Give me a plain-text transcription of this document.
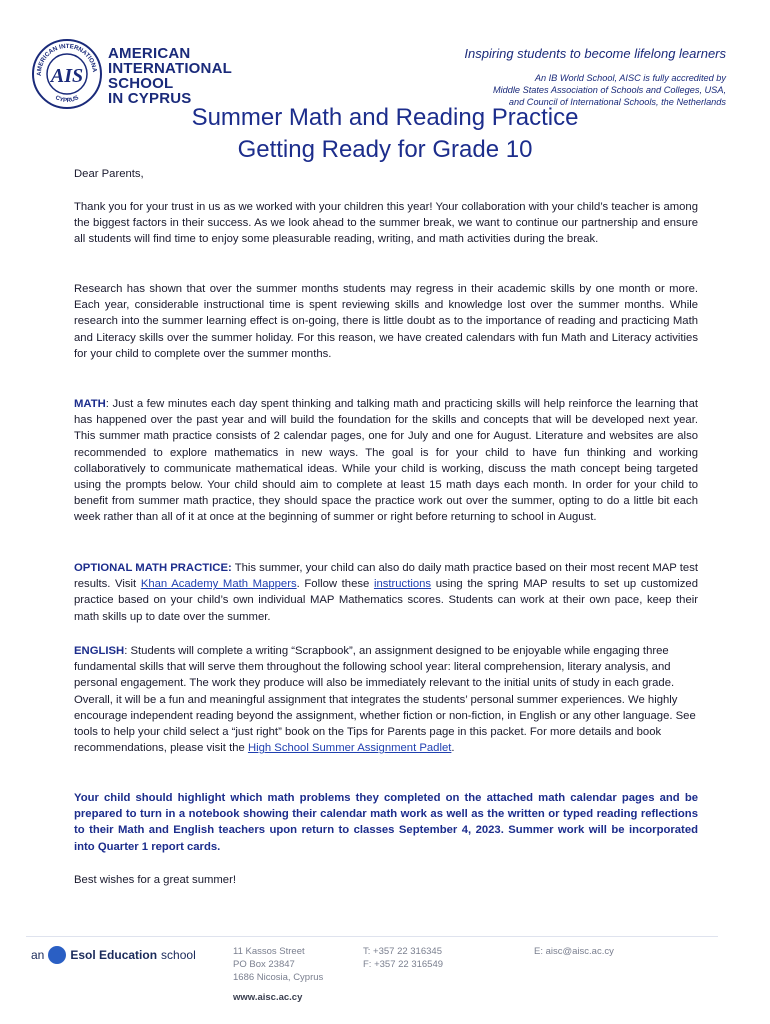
AMERICAN INTERNATIONA
CYPRUS
AIS
AMERICAN
INTERNATIONAL
SCHOOL
IN CYPRUS
Inspiring students to become lifelong learners
An IB World School, AISC is fully accredited by
Middle States Association of Schools and Colleges, USA,
and Council of International Schools, the Netherlands
Summer Math and Reading Practice
Getting Ready for Grade 10
Dear Parents,
Thank you for your trust in us as we worked with your children this year! Your collaboration with your child’s teacher is among the biggest factors in their success. As we look ahead to the summer break, we want to continue our partnership and ensure all students will find time to enjoy some pleasurable reading, writing, and math activities during the break.
Research has shown that over the summer months students may regress in their academic skills by one month or more. Each year, considerable instructional time is spent reviewing skills and knowledge lost over the summer months. While research into the summer learning effect is on-going, there is little doubt as to the importance of reading and practicing Math and Literacy skills over the summer holiday. For this reason, we have created calendars with fun Math and Literacy activities for your child to complete over the summer months.

MATH: Just a few minutes each day spent thinking and talking math and practicing skills will help reinforce the learning that has happened over the past year and will build the foundation for the skills and concepts that will be developed next year. This summer math practice consists of 2 calendar pages, one for July and one for August. Literature and websites are also recommended to explore mathematics in new ways. The goal is for your child to have fun thinking and working collaboratively to communicate mathematical ideas. While your child is working, discuss the math concept being targeted using the prompts below. Your child should aim to complete at least 15 math days each month. In order for your child to benefit from summer math practice, they should space the practice work out over the summer, opting to do a little bit each week rather than all of it at once at the beginning of summer or right before returning to school in August.

OPTIONAL MATH PRACTICE: This summer, your child can also do daily math practice based on their most recent MAP test results. Visit Khan Academy Math Mappers. Follow these instructions using the spring MAP results to set up customized practice based on your child’s own individual MAP Mathematics scores. Students can work at their own pace, keep their math skills up to date over the summer.

ENGLISH: Students will complete a writing “Scrapbook”, an assignment designed to be enjoyable while engaging three fundamental skills that will serve them throughout the following school year: literal comprehension, literary analysis, and personal engagement. The work they produce will also be immediately relevant to the initial units of study in each grade. Overall, it will be a fun and meaningful assignment that integrates the students’ personal summer experiences. We highly encourage independent reading beyond the assignment, whether fiction or non-fiction, in English or any other language. See tools to help your child select a “just right” book on the Tips for Parents page in this packet. For more details and book recommendations, please visit the High School Summer Assignment Padlet.

Your child should highlight which math problems they completed on the attached math calendar pages and be prepared to turn in a notebook showing their calendar math work as well as the written or typed reading reflections to their Math and English teachers upon return to classes September 4, 2023. Summer work will be incorporated into Quarter 1 report cards.
Best wishes for a great summer!
an Esol Education school	11 Kassos Street
PO Box 23847
1686 Nicosia, Cyprus
T: +357 22 316345
F: +357 22 316549
E: aisc@aisc.ac.cy
www.aisc.ac.cy
